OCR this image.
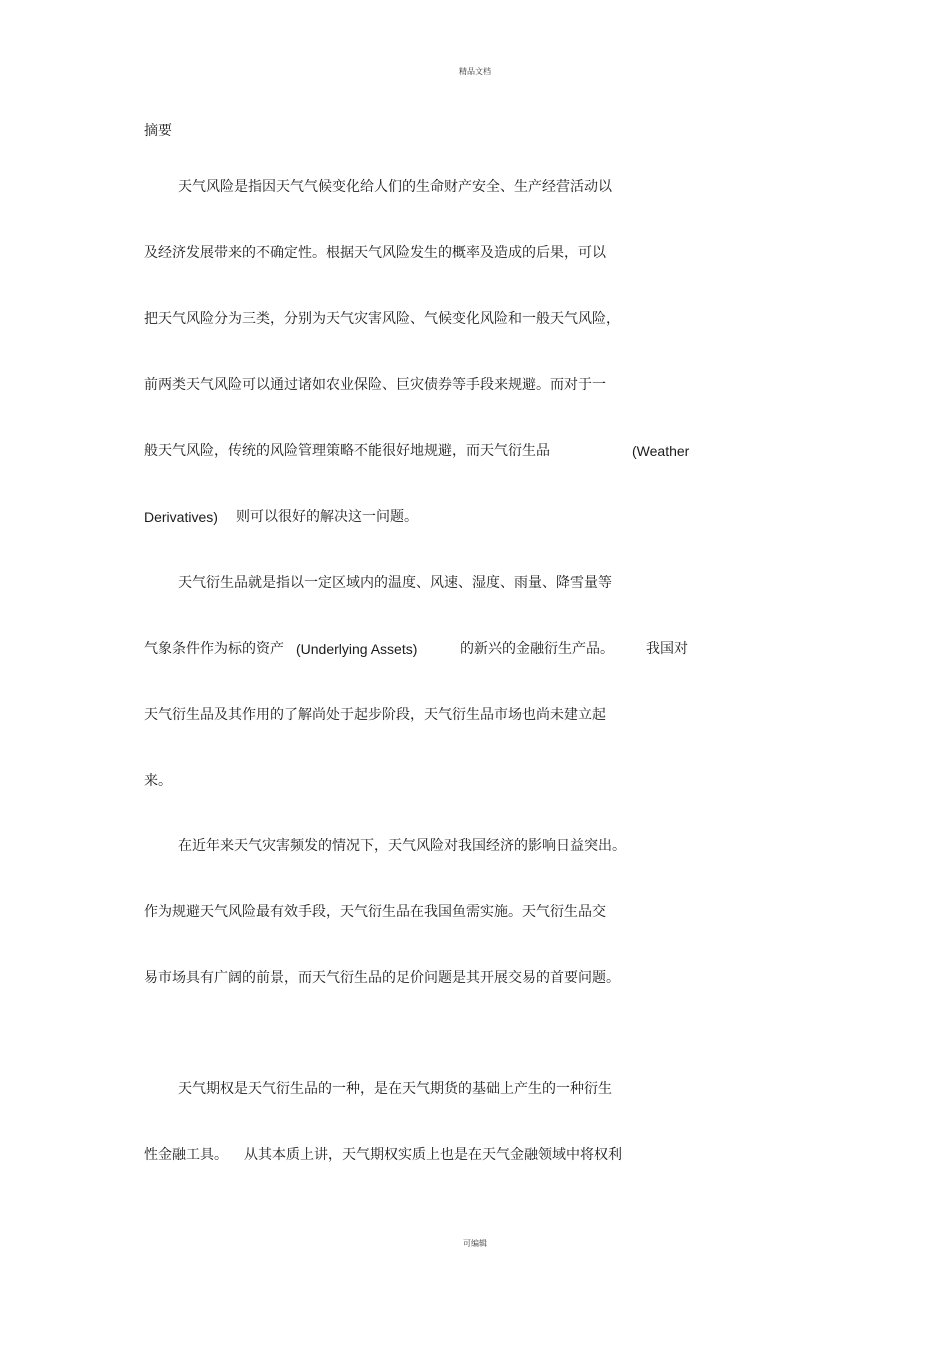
精品文档
摘要
天气风险是指因天气气候变化给人们的生命财产安全、生产经营活动以
及经济发展带来的不确定性。根据天气风险发生的概率及造成的后果，可以
把天气风险分为三类，分别为天气灾害风险、气候变化风险和一般天气风险，
前两类天气风险可以通过诸如农业保险、巨灾债券等手段来规避。而对于一
般天气风险，传统的风险管理策略不能很好地规避，而天气衍生品	(Weather
Derivatives) 则可以很好的解决这一问题。
天气衍生品就是指以一定区域内的温度、风速、湿度、雨量、降雪量等
气象条件作为标的资产 (Underlying Assets)	的新兴的金融衍生产品。 我国对
天气衍生品及其作用的了解尚处于起步阶段，天气衍生品市场也尚未建立起
来。
在近年来天气灾害频发的情况下，天气风险对我国经济的影响日益突出。
作为规避天气风险最有效手段，天气衍生品在我国鱼需实施。天气衍生品交
易市场具有广阔的前景，而天气衍生品的足价问题是其开展交易的首要问题。
天气期权是天气衍生品的一种，是在天气期货的基础上产生的一种衍生
性金融工具。 从其本质上讲，天气期权实质上也是在天气金融领域中将权利
可编辑
